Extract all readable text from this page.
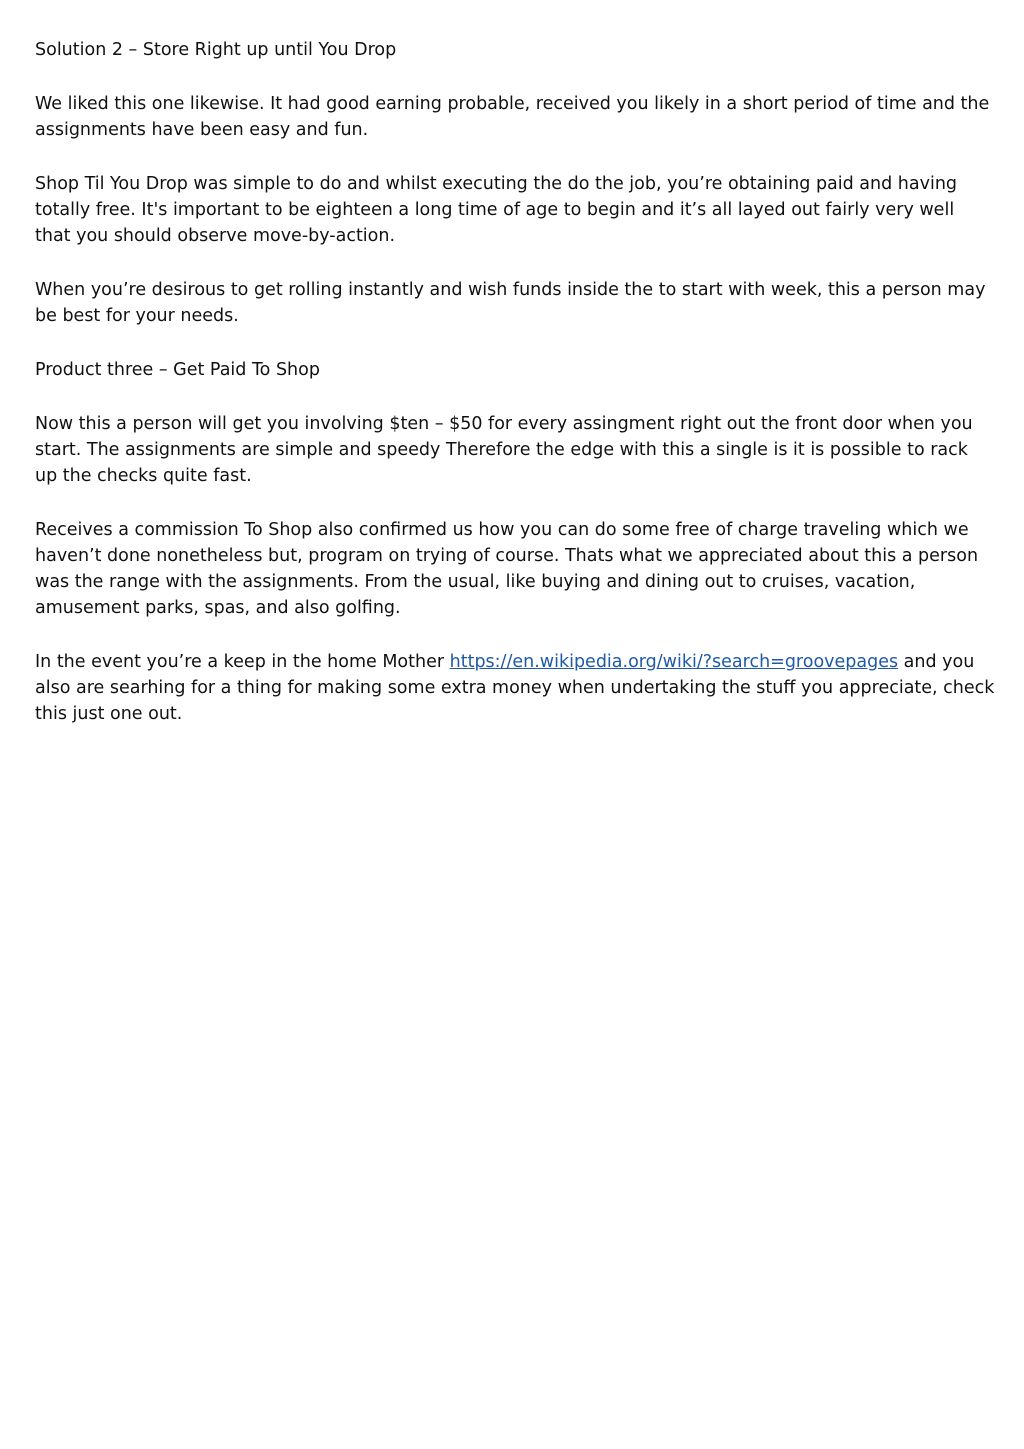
Solution 2 – Store Right up until You Drop

We liked this one likewise. It had good earning probable, received you likely in a short period of time and the assignments have been easy and fun.

Shop Til You Drop was simple to do and whilst executing the do the job, you’re obtaining paid and having totally free. It's important to be eighteen a long time of age to begin and it’s all layed out fairly very well that you should observe move-by-action.

When you’re desirous to get rolling instantly and wish funds inside the to start with week, this a person may be best for your needs.

Product three – Get Paid To Shop

Now this a person will get you involving $ten – $50 for every assingment right out the front door when you start. The assignments are simple and speedy Therefore the edge with this a single is it is possible to rack up the checks quite fast.

Receives a commission To Shop also confirmed us how you can do some free of charge traveling which we haven’t done nonetheless but, program on trying of course. Thats what we appreciated about this a person was the range with the assignments. From the usual, like buying and dining out to cruises, vacation, amusement parks, spas, and also golfing.

In the event you’re a keep in the home Mother https://en.wikipedia.org/wiki/?search=groovepages and you also are searhing for a thing for making some extra money when undertaking the stuff you appreciate, check this just one out.
